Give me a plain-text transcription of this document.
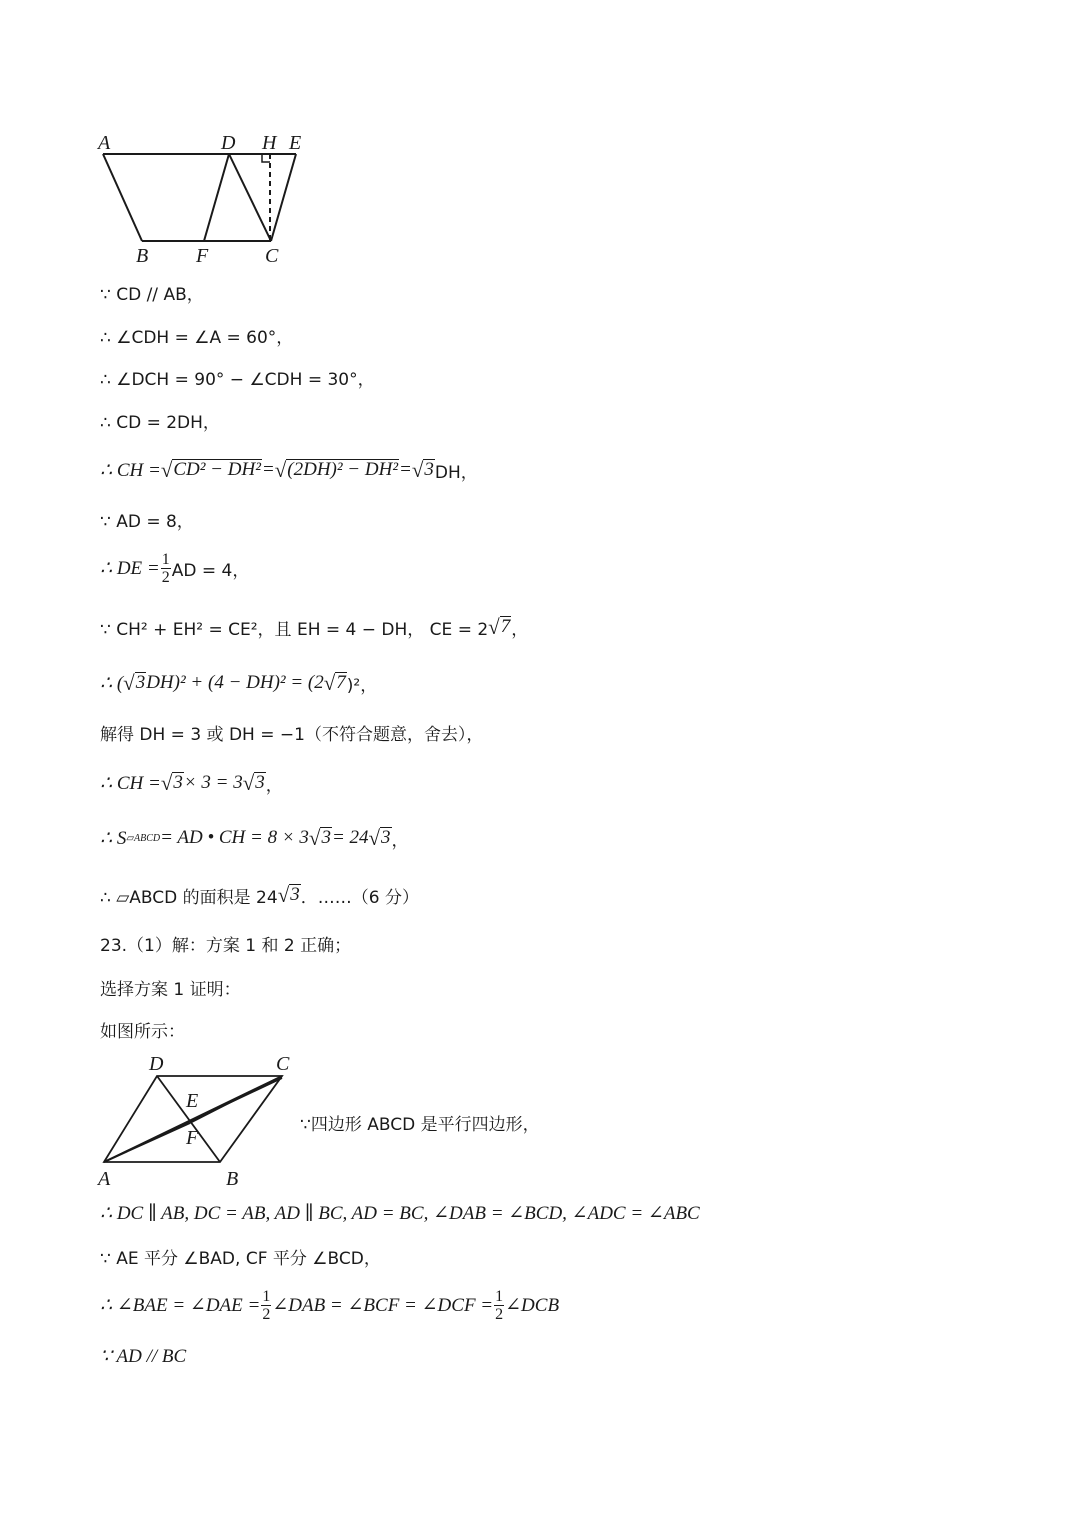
A	D H E
B F	C
D	C
E
F
A	B
∵四边形 ABCD 是平行四边形，
∵ CD // AB，
∴ ∠CDH = ∠A = 60°，
∴ ∠DCH = 90° − ∠CDH = 30°，
∴ CD = 2DH，
∴ CH = √ CD² − DH² = √ (2DH)² − DH² = √ 3 DH，
∵ AD = 8，
∴ DE = $\frac{1}{2}$ AD = 4，
∵ CH² + EH² = CE²，且 EH = 4 − DH， CE = 2 √ 7 ，
∴ ( √ 3 DH)² + (4 − DH)² = (2 √ 7 )²，
解得 DH = 3 或 DH = −1（不符合题意，舍去），
∴ CH = √ 3 × 3 = 3 √ 3 ，
∴ S ▱ABCD = AD • CH = 8 × 3 √ 3 = 24 √ 3 ，
∴ ▱ABCD 的面积是 24 √ 3 ．……（6 分）
23.（1）解：方案 1 和 2 正确；
选择方案 1 证明：
如图所示：
∴ DC ∥ AB, DC = AB, AD ∥ BC, AD = BC, ∠DAB = ∠BCD, ∠ADC = ∠ABC
∵ AE 平分 ∠BAD, CF 平分 ∠BCD，
∴ ∠BAE = ∠DAE = $\frac{1}{2}$ ∠DAB = ∠BCF = ∠DCF = $\frac{1}{2}$ ∠DCB
∵ AD // BC
